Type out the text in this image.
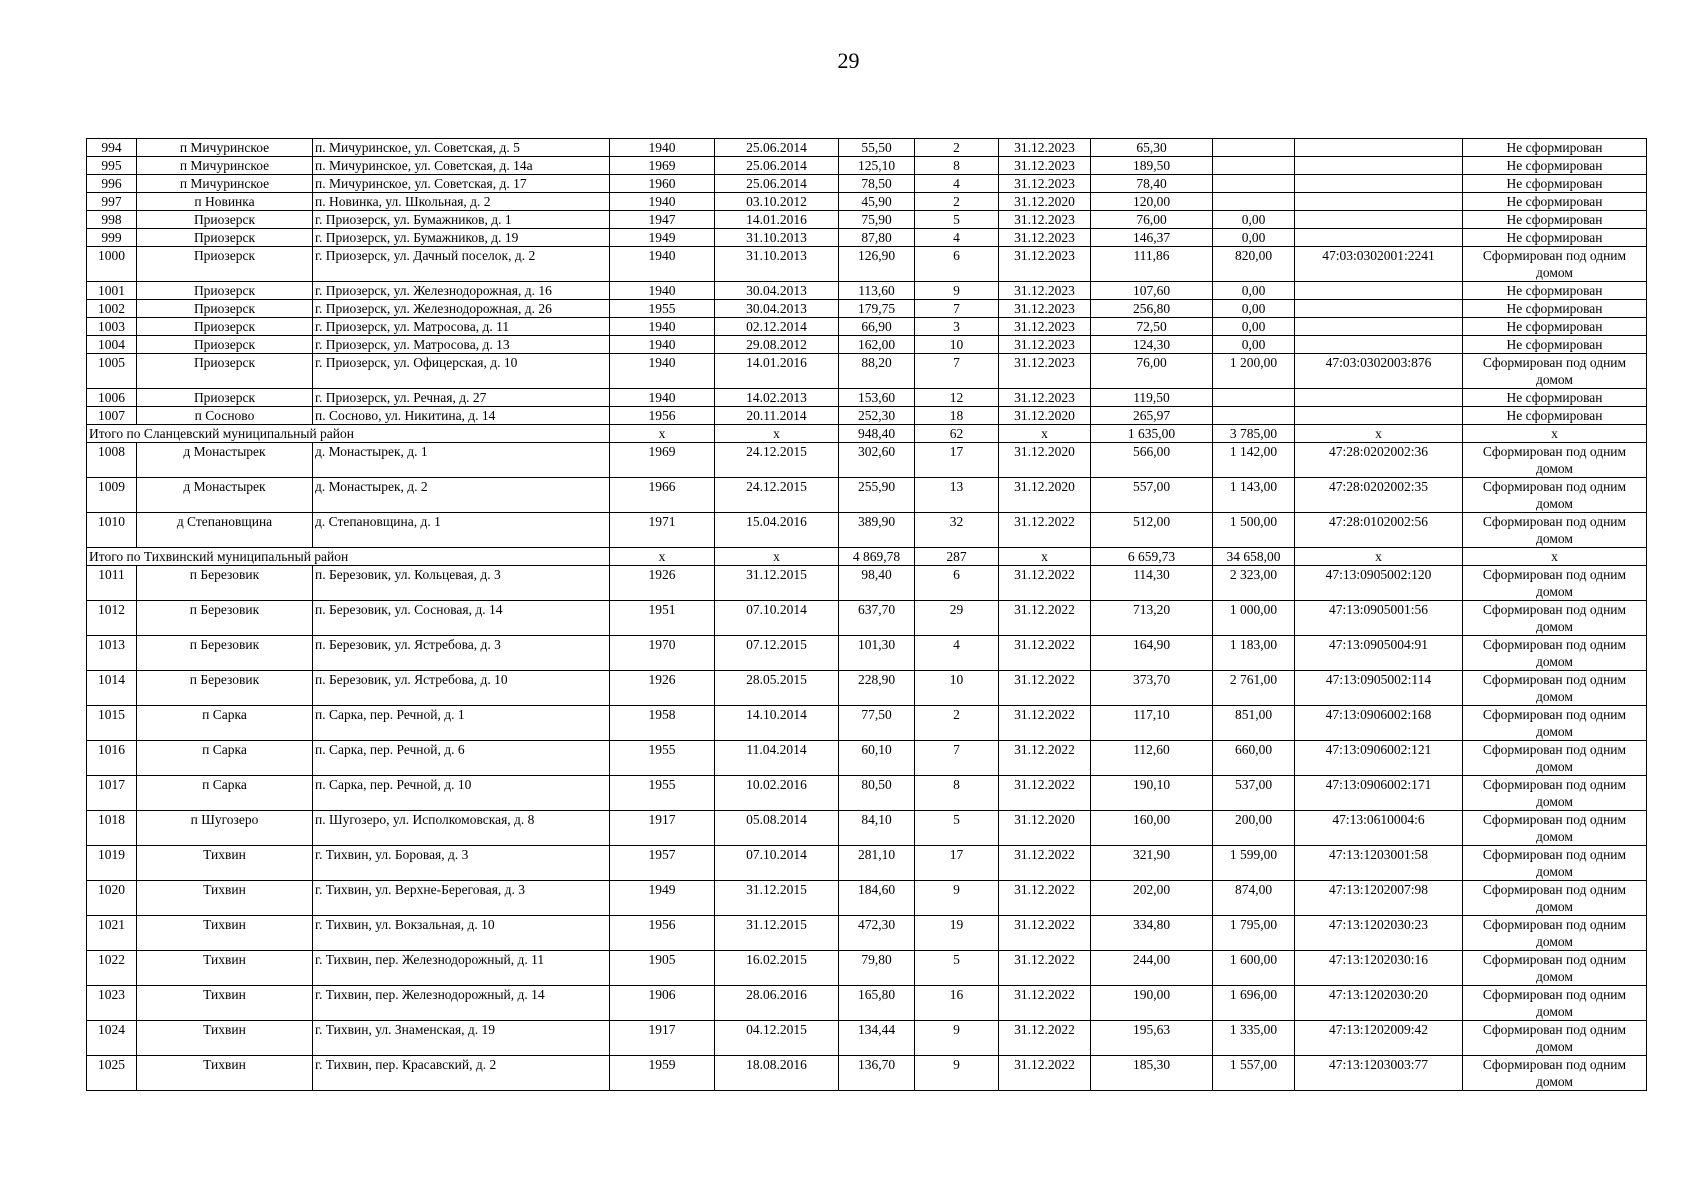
29
994	п Мичуринское	п. Мичуринское, ул. Советская, д. 5	1940	25.06.2014	55,50	2	31.12.2023	65,30			Не сформирован
995	п Мичуринское	п. Мичуринское, ул. Советская, д. 14а	1969	25.06.2014	125,10	8	31.12.2023	189,50			Не сформирован
996	п Мичуринское	п. Мичуринское, ул. Советская, д. 17	1960	25.06.2014	78,50	4	31.12.2023	78,40			Не сформирован
997	п Новинка	п. Новинка, ул. Школьная, д. 2	1940	03.10.2012	45,90	2	31.12.2020	120,00			Не сформирован
998	Приозерск	г. Приозерск, ул. Бумажников, д. 1	1947	14.01.2016	75,90	5	31.12.2023	76,00	0,00		Не сформирован
999	Приозерск	г. Приозерск, ул. Бумажников, д. 19	1949	31.10.2013	87,80	4	31.12.2023	146,37	0,00		Не сформирован
1000	Приозерск	г. Приозерск, ул. Дачный поселок, д. 2	1940	31.10.2013	126,90	6	31.12.2023	111,86	820,00	47:03:0302001:2241	Сформирован под одним домом
1001	Приозерск	г. Приозерск, ул. Железнодорожная, д. 16	1940	30.04.2013	113,60	9	31.12.2023	107,60	0,00		Не сформирован
1002	Приозерск	г. Приозерск, ул. Железнодорожная, д. 26	1955	30.04.2013	179,75	7	31.12.2023	256,80	0,00		Не сформирован
1003	Приозерск	г. Приозерск, ул. Матросова, д. 11	1940	02.12.2014	66,90	3	31.12.2023	72,50	0,00		Не сформирован
1004	Приозерск	г. Приозерск, ул. Матросова, д. 13	1940	29.08.2012	162,00	10	31.12.2023	124,30	0,00		Не сформирован
1005	Приозерск	г. Приозерск, ул. Офицерская, д. 10	1940	14.01.2016	88,20	7	31.12.2023	76,00	1 200,00	47:03:0302003:876	Сформирован под одним домом
1006	Приозерск	г. Приозерск, ул. Речная, д. 27	1940	14.02.2013	153,60	12	31.12.2023	119,50			Не сформирован
1007	п Сосново	п. Сосново, ул. Никитина, д. 14	1956	20.11.2014	252,30	18	31.12.2020	265,97			Не сформирован
Итого по Сланцевский муниципальный район			x	x	948,40	62	x	1 635,00	3 785,00	x	x
1008	д Монастырек	д. Монастырек, д. 1	1969	24.12.2015	302,60	17	31.12.2020	566,00	1 142,00	47:28:0202002:36	Сформирован под одним домом
1009	д Монастырек	д. Монастырек, д. 2	1966	24.12.2015	255,90	13	31.12.2020	557,00	1 143,00	47:28:0202002:35	Сформирован под одним домом
1010	д Степановщина	д. Степановщина, д. 1	1971	15.04.2016	389,90	32	31.12.2022	512,00	1 500,00	47:28:0102002:56	Сформирован под одним домом
Итого по Тихвинский муниципальный район			x	x	4 869,78	287	x	6 659,73	34 658,00	x	x
1011	п Березовик	п. Березовик, ул. Кольцевая, д. 3	1926	31.12.2015	98,40	6	31.12.2022	114,30	2 323,00	47:13:0905002:120	Сформирован под одним домом
1012	п Березовик	п. Березовик, ул. Сосновая, д. 14	1951	07.10.2014	637,70	29	31.12.2022	713,20	1 000,00	47:13:0905001:56	Сформирован под одним домом
1013	п Березовик	п. Березовик, ул. Ястребова, д. 3	1970	07.12.2015	101,30	4	31.12.2022	164,90	1 183,00	47:13:0905004:91	Сформирован под одним домом
1014	п Березовик	п. Березовик, ул. Ястребова, д. 10	1926	28.05.2015	228,90	10	31.12.2022	373,70	2 761,00	47:13:0905002:114	Сформирован под одним домом
1015	п Сарка	п. Сарка, пер. Речной, д. 1	1958	14.10.2014	77,50	2	31.12.2022	117,10	851,00	47:13:0906002:168	Сформирован под одним домом
1016	п Сарка	п. Сарка, пер. Речной, д. 6	1955	11.04.2014	60,10	7	31.12.2022	112,60	660,00	47:13:0906002:121	Сформирован под одним домом
1017	п Сарка	п. Сарка, пер. Речной, д. 10	1955	10.02.2016	80,50	8	31.12.2022	190,10	537,00	47:13:0906002:171	Сформирован под одним домом
1018	п Шугозеро	п. Шугозеро, ул. Исполкомовская, д. 8	1917	05.08.2014	84,10	5	31.12.2020	160,00	200,00	47:13:0610004:6	Сформирован под одним домом
1019	Тихвин	г. Тихвин, ул. Боровая, д. 3	1957	07.10.2014	281,10	17	31.12.2022	321,90	1 599,00	47:13:1203001:58	Сформирован под одним домом
1020	Тихвин	г. Тихвин, ул. Верхне-Береговая, д. 3	1949	31.12.2015	184,60	9	31.12.2022	202,00	874,00	47:13:1202007:98	Сформирован под одним домом
1021	Тихвин	г. Тихвин, ул. Вокзальная, д. 10	1956	31.12.2015	472,30	19	31.12.2022	334,80	1 795,00	47:13:1202030:23	Сформирован под одним домом
1022	Тихвин	г. Тихвин, пер. Железнодорожный, д. 11	1905	16.02.2015	79,80	5	31.12.2022	244,00	1 600,00	47:13:1202030:16	Сформирован под одним домом
1023	Тихвин	г. Тихвин, пер. Железнодорожный, д. 14	1906	28.06.2016	165,80	16	31.12.2022	190,00	1 696,00	47:13:1202030:20	Сформирован под одним домом
1024	Тихвин	г. Тихвин, ул. Знаменская, д. 19	1917	04.12.2015	134,44	9	31.12.2022	195,63	1 335,00	47:13:1202009:42	Сформирован под одним домом
1025	Тихвин	г. Тихвин, пер. Красавский, д. 2	1959	18.08.2016	136,70	9	31.12.2022	185,30	1 557,00	47:13:1203003:77	Сформирован под одним домом
